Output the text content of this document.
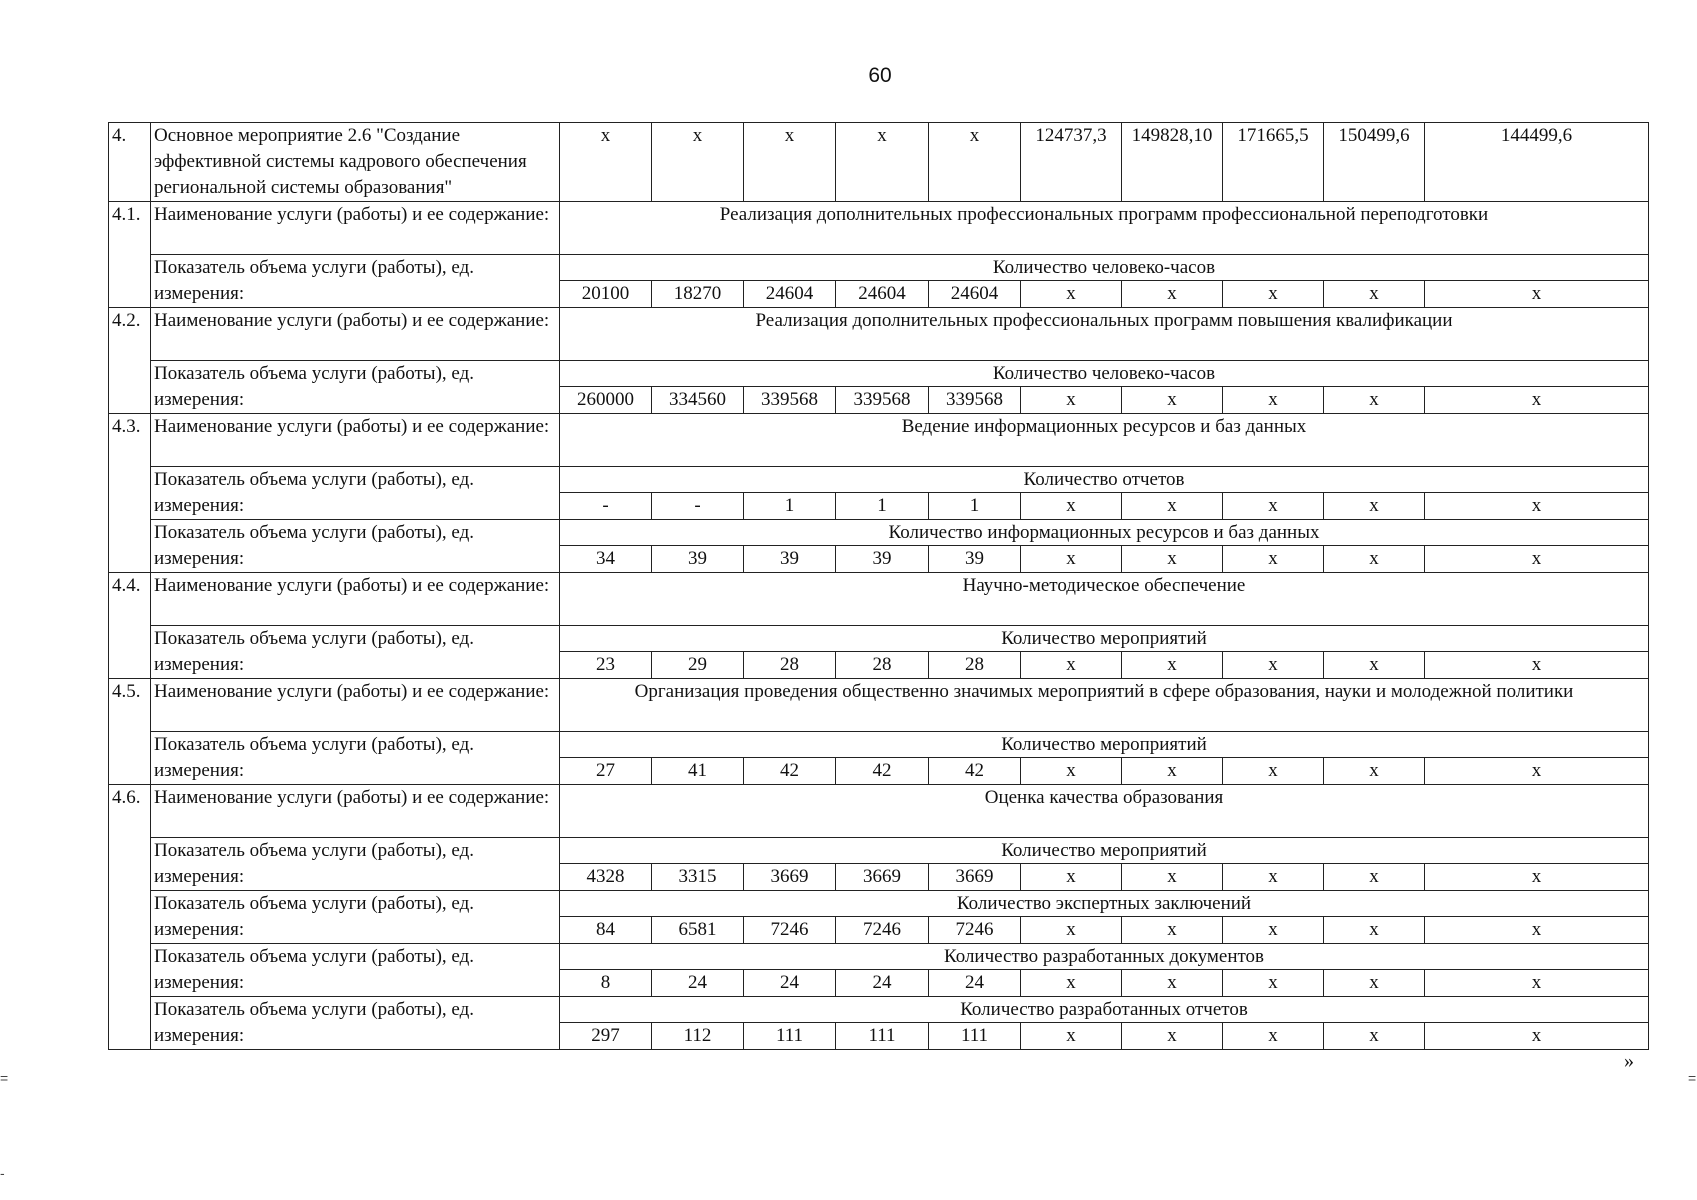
60
4.	Основное мероприятие 2.6 "Создание эффективной системы кадрового обеспечения региональной системы образования"	x	x	x	x	x	124737,3	149828,10	171665,5	150499,6	144499,6
4.1.	Наименование услуги (работы) и ее содержание:	Реализация дополнительных профессиональных программ профессиональной переподготовки									
	Показатель объема услуги (работы), ед. измерения:	Количество человеко-часов									
		20100	18270	24604	24604	24604	x	x	x	x	x
4.2.	Наименование услуги (работы) и ее содержание:	Реализация дополнительных профессиональных программ повышения квалификации									
	Показатель объема услуги (работы), ед. измерения:	Количество человеко-часов									
		260000	334560	339568	339568	339568	x	x	x	x	x
4.3.	Наименование услуги (работы) и ее содержание:	Ведение информационных ресурсов и баз данных									
	Показатель объема услуги (работы), ед. измерения:	Количество отчетов									
		-	-	1	1	1	x	x	x	x	x
	Показатель объема услуги (работы), ед. измерения:	Количество информационных ресурсов и баз данных									
		34	39	39	39	39	x	x	x	x	x
4.4.	Наименование услуги (работы) и ее содержание:	Научно-методическое обеспечение									
	Показатель объема услуги (работы), ед. измерения:	Количество мероприятий									
		23	29	28	28	28	x	x	x	x	x
4.5.	Наименование услуги (работы) и ее содержание:	Организация проведения общественно значимых мероприятий в сфере образования, науки и молодежной политики									
	Показатель объема услуги (работы), ед. измерения:	Количество мероприятий									
		27	41	42	42	42	x	x	x	x	x
4.6.	Наименование услуги (работы) и ее содержание:	Оценка качества образования									
	Показатель объема услуги (работы), ед. измерения:	Количество мероприятий									
		4328	3315	3669	3669	3669	x	x	x	x	x
	Показатель объема услуги (работы), ед. измерения:	Количество экспертных заключений									
		84	6581	7246	7246	7246	x	x	x	x	x
	Показатель объема услуги (работы), ед. измерения:	Количество разработанных документов									
		8	24	24	24	24	x	x	x	x	x
	Показатель объема услуги (работы), ед. измерения:	Количество разработанных отчетов									
		297	112	111	111	111	x	x	x	x	x
»
=	=
-
